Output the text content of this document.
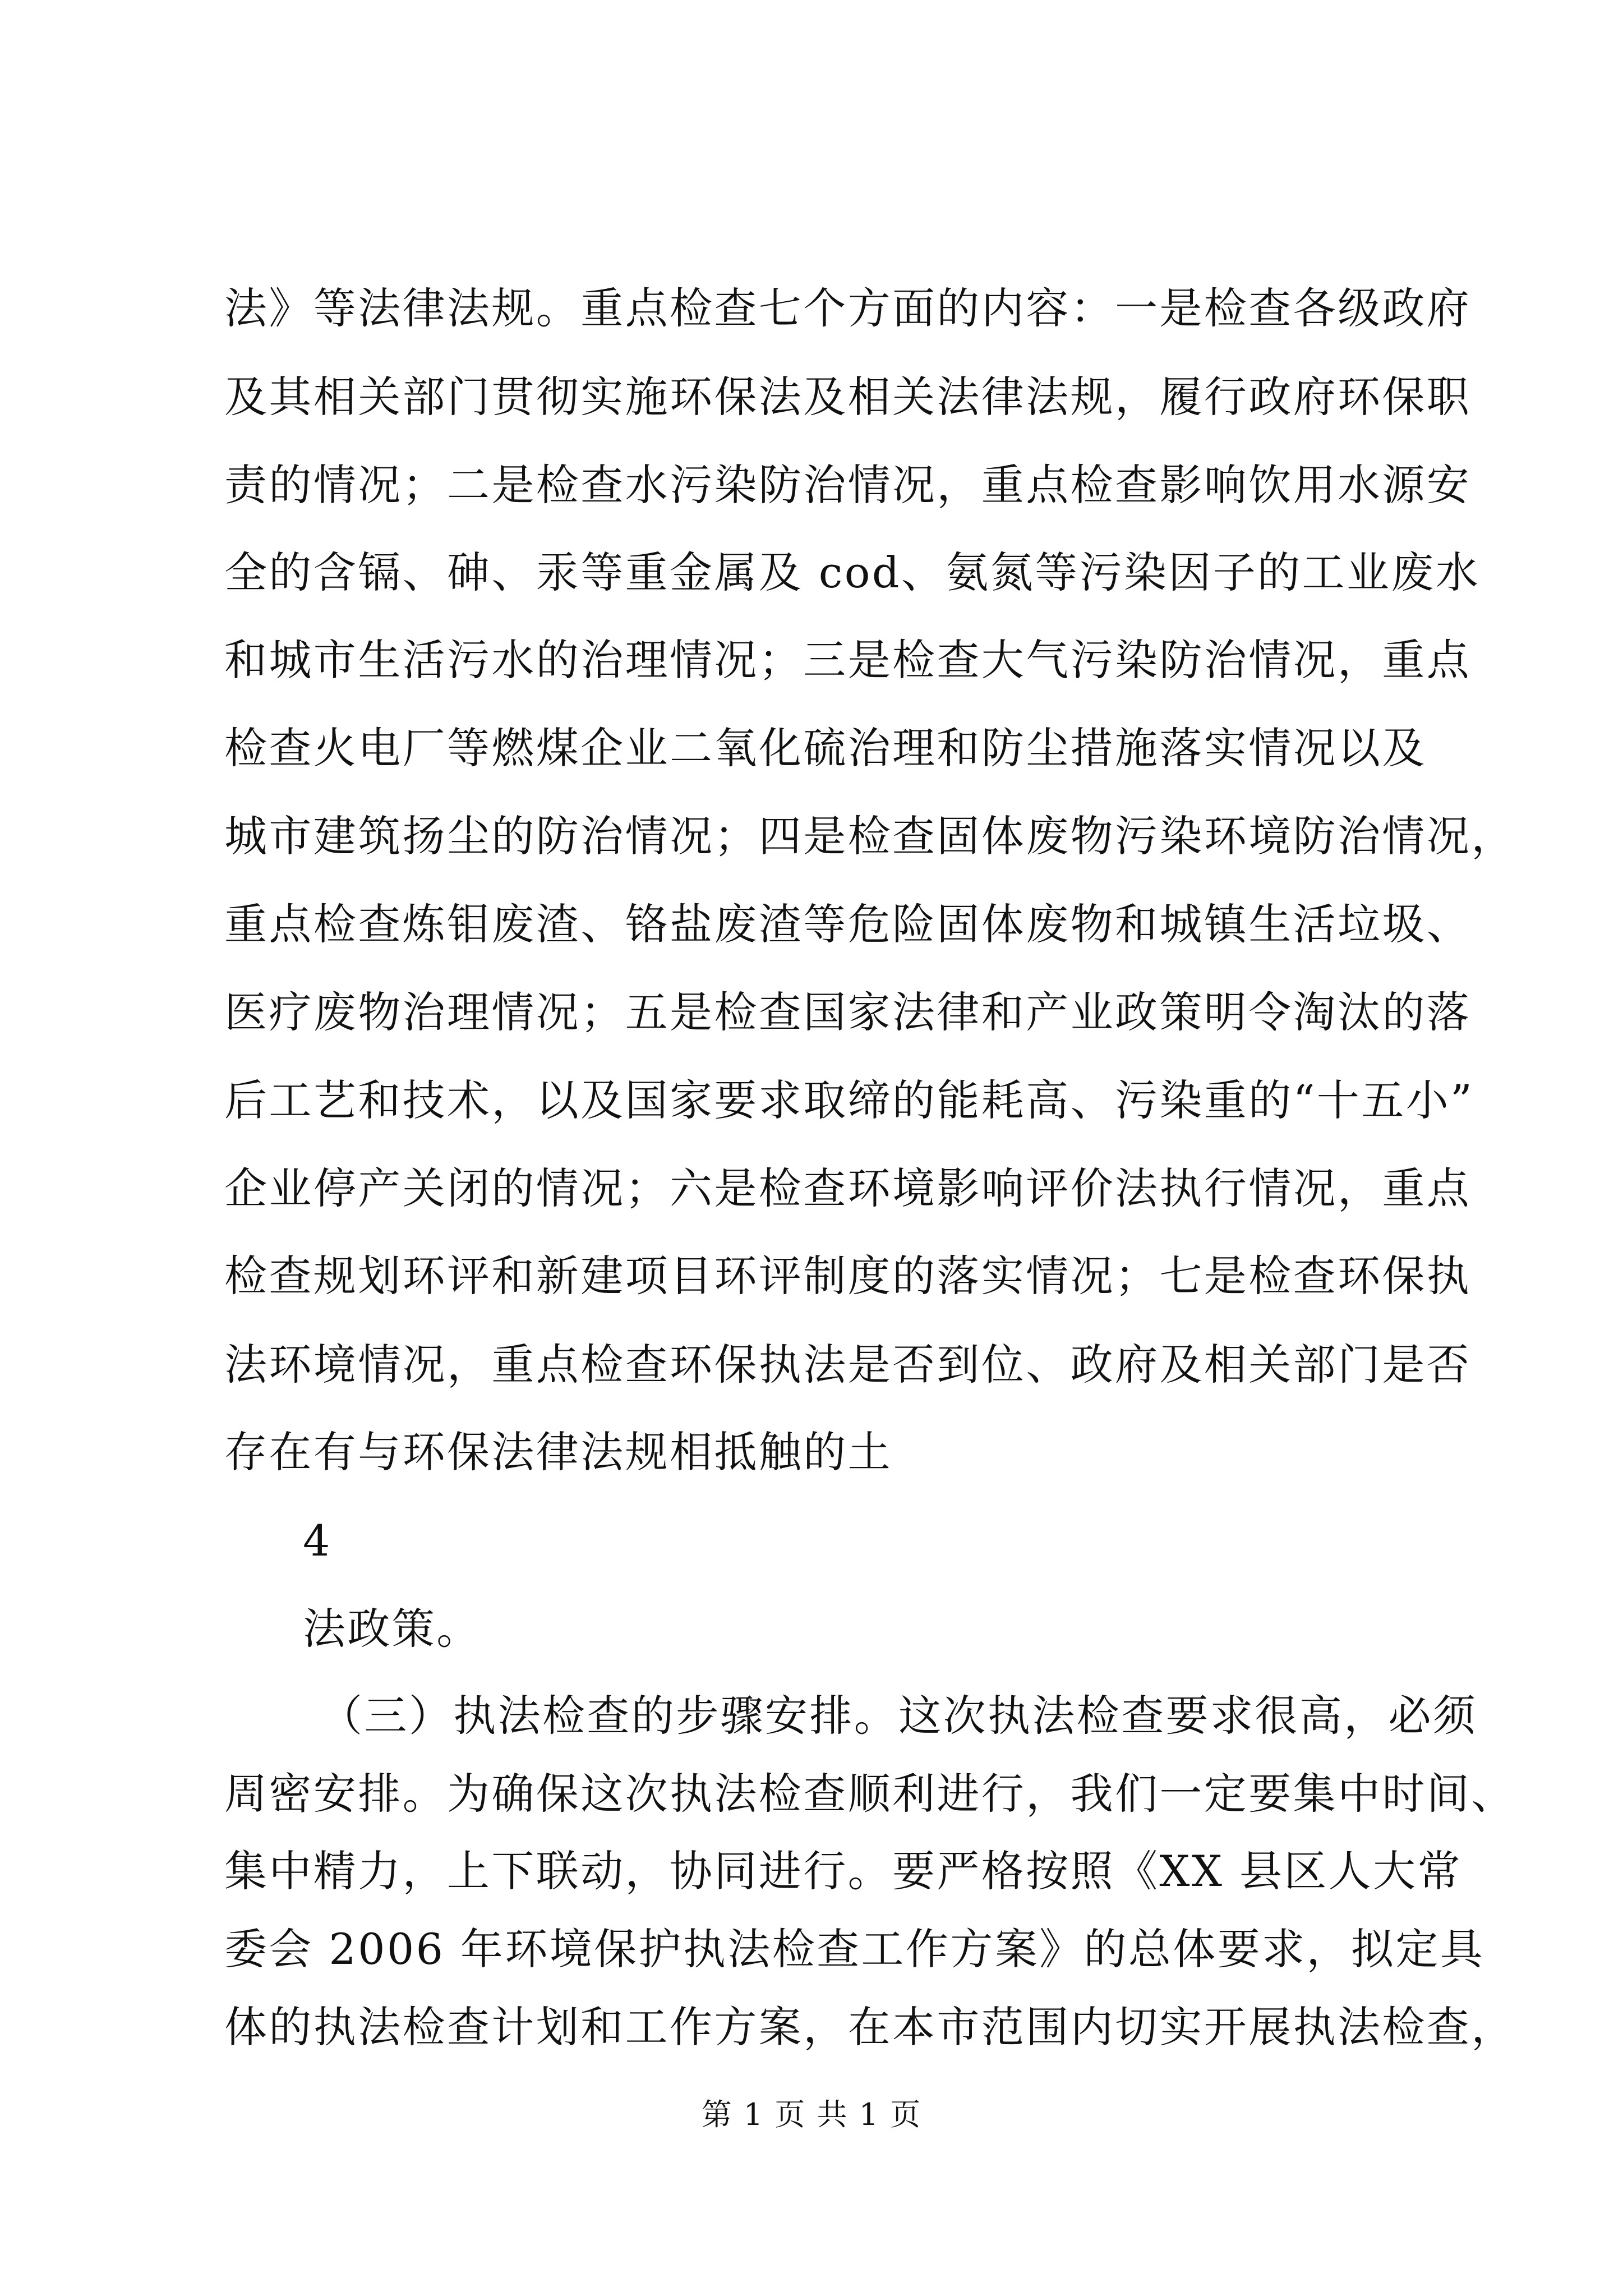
法》等法律法规。重点检查七个方面的内容：一是检查各级政府
及其相关部门贯彻实施环保法及相关法律法规，履行政府环保职
责的情况；二是检查水污染防治情况，重点检查影响饮用水源安
全的含镉、砷、汞等重金属及 cod、氨氮等污染因子的工业废水
和城市生活污水的治理情况；三是检查大气污染防治情况，重点
检查火电厂等燃煤企业二氧化硫治理和防尘措施落实情况以及
城市建筑扬尘的防治情况；四是检查固体废物污染环境防治情况，
重点检查炼钼废渣、铬盐废渣等危险固体废物和城镇生活垃圾、
医疗废物治理情况；五是检查国家法律和产业政策明令淘汰的落
后工艺和技术，以及国家要求取缔的能耗高、污染重的“十五小”
企业停产关闭的情况；六是检查环境影响评价法执行情况，重点
检查规划环评和新建项目环评制度的落实情况；七是检查环保执
法环境情况，重点检查环保执法是否到位、政府及相关部门是否
存在有与环保法律法规相抵触的土
4
法政策。
（三）执法检查的步骤安排。这次执法检查要求很高，必须
周密安排。为确保这次执法检查顺利进行，我们一定要集中时间、
集中精力，上下联动，协同进行。要严格按照《XX 县区人大常
委会 2006 年环境保护执法检查工作方案》的总体要求，拟定具
体的执法检查计划和工作方案，在本市范围内切实开展执法检查，
第 1 页 共 1 页
